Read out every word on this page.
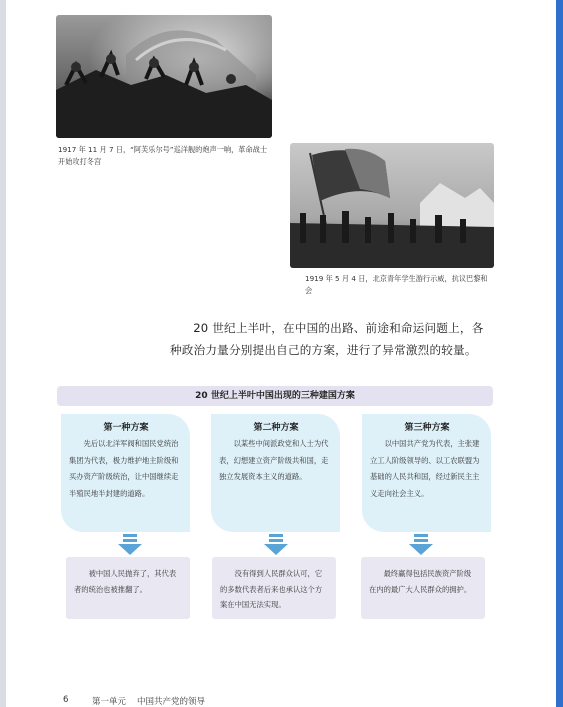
1917 年 11 月 7 日，“阿芙乐尔号”巡洋舰的炮声一响，革命战士开始攻打冬宫
1919 年 5 月 4 日，北京青年学生游行示威，抗议巴黎和会
20 世纪上半叶，在中国的出路、前途和命运问题上，各种政治力量分别提出自己的方案，进行了异常激烈的较量。
20 世纪上半叶中国出现的三种建国方案
第一种方案
先后以北洋军阀和国民党统治集团为代表，极力维护地主阶级和买办资产阶级统治，让中国继续走半殖民地半封建的道路。
第二种方案
以某些中间派政党和人士为代表，幻想建立资产阶级共和国，走独立发展资本主义的道路。
第三种方案
以中国共产党为代表，主张建立工人阶级领导的、以工农联盟为基础的人民共和国，经过新民主主义走向社会主义。
被中国人民抛弃了，其代表者的统治也被推翻了。
没有得到人民群众认可，它的多数代表者后来也承认这个方案在中国无法实现。
最终赢得包括民族资产阶级在内的最广大人民群众的拥护。
6	第一单元 中国共产党的领导
